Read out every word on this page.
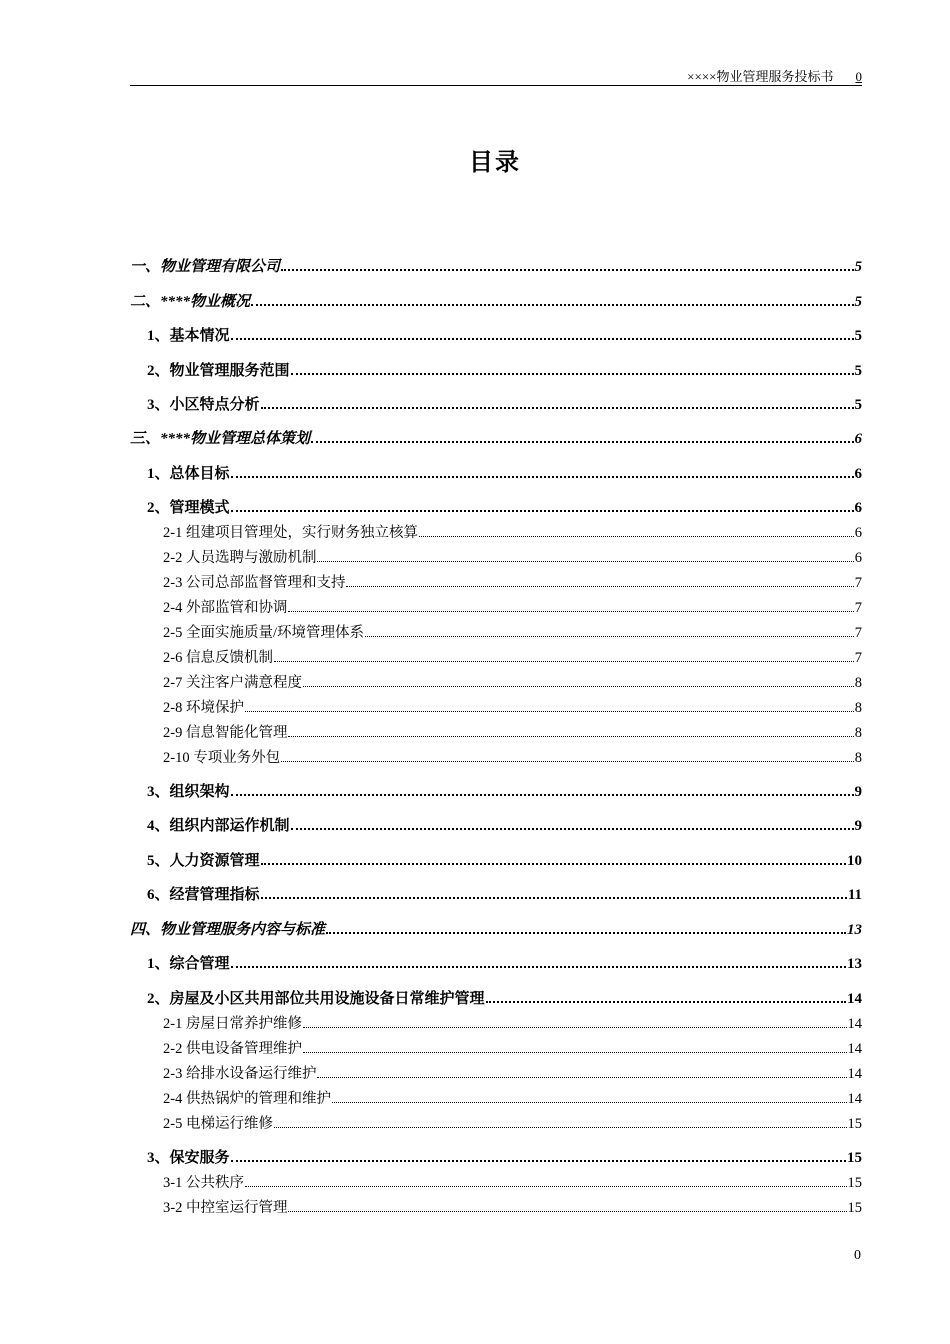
××××物业管理服务投标书 0
目录
一、物业管理有限公司	5
二、****物业概况	5
1、基本情况	5
2、物业管理服务范围	5
3、小区特点分析	5
三、****物业管理总体策划	6
1、总体目标	6
2、管理模式	6
2-1 组建项目管理处，实行财务独立核算	6
2-2 人员选聘与激励机制	6
2-3 公司总部监督管理和支持	7
2-4 外部监管和协调	7
2-5 全面实施质量/环境管理体系	7
2-6 信息反馈机制	7
2-7 关注客户满意程度	8
2-8 环境保护	8
2-9 信息智能化管理	8
2-10 专项业务外包	8
3、组织架构	9
4、组织内部运作机制	9
5、人力资源管理	10
6、经营管理指标	11
四、物业管理服务内容与标准	13
1、综合管理	13
2、房屋及小区共用部位共用设施设备日常维护管理	14
2-1 房屋日常养护维修	14
2-2 供电设备管理维护	14
2-3 给排水设备运行维护	14
2-4 供热锅炉的管理和维护	14
2-5 电梯运行维修	15
3、保安服务	15
3-1 公共秩序	15
3-2 中控室运行管理	15
0
